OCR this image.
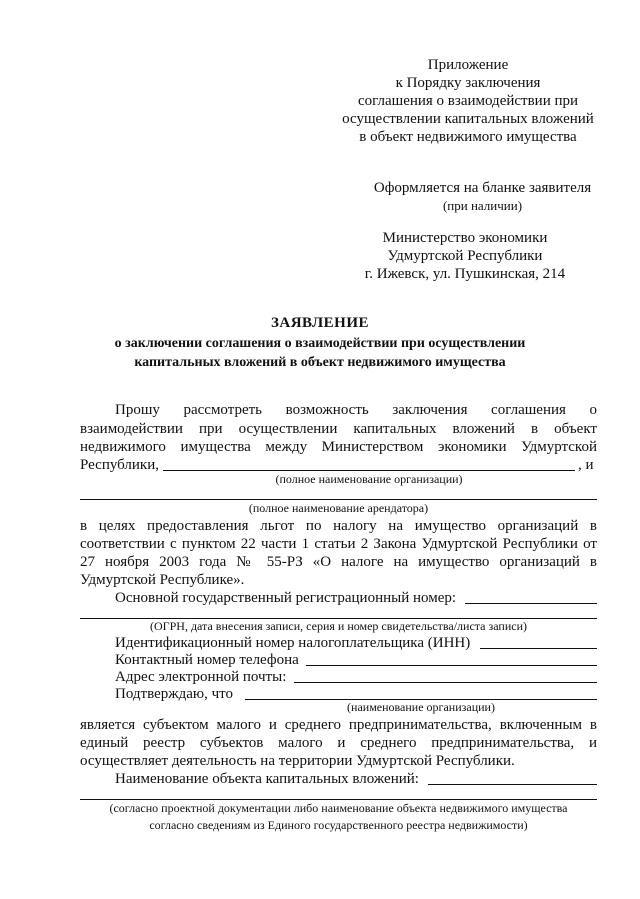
Приложение
к Порядку заключения
соглашения о взаимодействии при
осуществлении капитальных вложений
в объект недвижимого имущества
Оформляется на бланке заявителя
(при наличии)
Министерство экономики
Удмуртской Республики
г. Ижевск, ул. Пушкинская, 214
ЗАЯВЛЕНИЕ
о заключении соглашения о взаимодействии при осуществлении
капитальных вложений в объект недвижимого имущества
Прошу рассмотреть возможность заключения соглашения о
взаимодействии при осуществлении капитальных вложений в объект
недвижимого имущества между Министерством экономики Удмуртской
Республики,	, и
(полное наименование организации)
(полное наименование арендатора)
в целях предоставления льгот по налогу на имущество организаций в
соответствии с пунктом 22 части 1 статьи 2 Закона Удмуртской Республики от
27 ноября 2003 года № 55-РЗ «О налоге на имущество организаций в
Удмуртской Республике».
Основной государственный регистрационный номер:
(ОГРН, дата внесения записи, серия и номер свидетельства/листа записи)
Идентификационный номер налогоплательщика (ИНН)
Контактный номер телефона
Адрес электронной почты:
Подтверждаю, что
(наименование организации)
является субъектом малого и среднего предпринимательства, включенным в
единый реестр субъектов малого и среднего предпринимательства, и
осуществляет деятельность на территории Удмуртской Республики.
Наименование объекта капитальных вложений:
(согласно проектной документации либо наименование объекта недвижимого имущества
согласно сведениям из Единого государственного реестра недвижимости)
